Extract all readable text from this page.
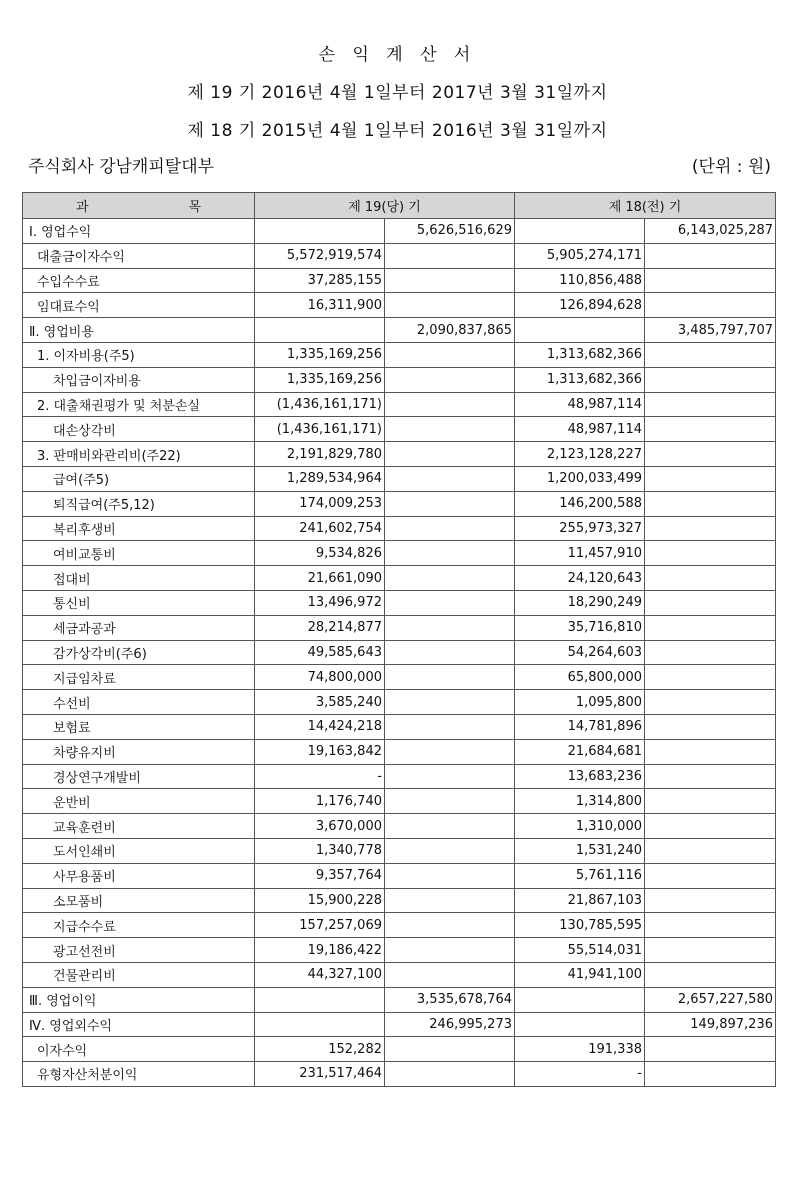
손 익 계 산 서
제 19 기 2016년 4월 1일부터 2017년 3월 31일까지
제 18 기 2015년 4월 1일부터 2016년 3월 31일까지
주식회사 강남캐피탈대부	(단위 : 원)
과 목	제 19(당) 기		제 18(전) 기	
Ⅰ. 영업수익		5,626,516,629		6,143,025,287
대출금이자수익	5,572,919,574		5,905,274,171	
수입수수료	37,285,155		110,856,488	
임대료수익	16,311,900		126,894,628	
Ⅱ. 영업비용		2,090,837,865		3,485,797,707
1. 이자비용(주5)	1,335,169,256		1,313,682,366	
차입금이자비용	1,335,169,256		1,313,682,366	
2. 대출채권평가 및 처분손실	(1,436,161,171)		48,987,114	
대손상각비	(1,436,161,171)		48,987,114	
3. 판매비와관리비(주22)	2,191,829,780		2,123,128,227	
급여(주5)	1,289,534,964		1,200,033,499	
퇴직급여(주5,12)	174,009,253		146,200,588	
복리후생비	241,602,754		255,973,327	
여비교통비	9,534,826		11,457,910	
접대비	21,661,090		24,120,643	
통신비	13,496,972		18,290,249	
세금과공과	28,214,877		35,716,810	
감가상각비(주6)	49,585,643		54,264,603	
지급임차료	74,800,000		65,800,000	
수선비	3,585,240		1,095,800	
보험료	14,424,218		14,781,896	
차량유지비	19,163,842		21,684,681	
경상연구개발비	-		13,683,236	
운반비	1,176,740		1,314,800	
교육훈련비	3,670,000		1,310,000	
도서인쇄비	1,340,778		1,531,240	
사무용품비	9,357,764		5,761,116	
소모품비	15,900,228		21,867,103	
지급수수료	157,257,069		130,785,595	
광고선전비	19,186,422		55,514,031	
건물관리비	44,327,100		41,941,100	
Ⅲ. 영업이익		3,535,678,764		2,657,227,580
Ⅳ. 영업외수익		246,995,273		149,897,236
이자수익	152,282		191,338	
유형자산처분이익	231,517,464		-	
